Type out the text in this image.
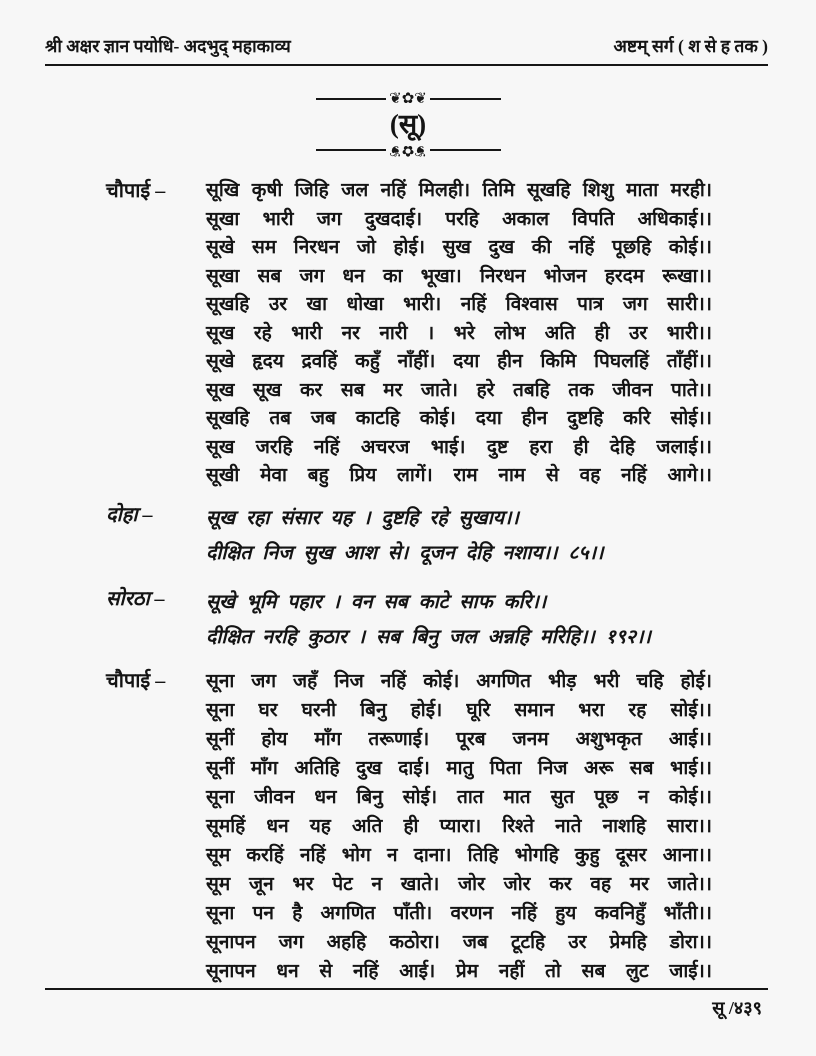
श्री अक्षर ज्ञान पयोधि- अदभुद् महाकाव्य	अष्टम् सर्ग ( श से ह तक )
❦✿❦
(सू)
❦✿❦
चौपाई –	सूखि कृषी जिहि जल नहिं मिलही। तिमि सूखहि शिशु माता मरही।
सूखा भारी जग दुखदाई। परहि अकाल विपति अधिकाई।।
सूखे सम निरधन जो होई। सुख दुख की नहिं पूछहि कोई।।
सूखा सब जग धन का भूखा। निरधन भोजन हरदम रूखा।।
सूखहि उर खा धोखा भारी। नहिं विश्वास पात्र जग सारी।।
सूख रहे भारी नर नारी । भरे लोभ अति ही उर भारी।।
सूखे हृदय द्रवहिं कहुँ नाँहीं। दया हीन किमि पिघलहिं ताँहीं।।
सूख सूख कर सब मर जाते। हरे तबहि तक जीवन पाते।।
सूखहि तब जब काटहि कोई। दया हीन दुष्टहि करि सोई।।
सूख जरहि नहिं अचरज भाई। दुष्ट हरा ही देहि जलाई।।
सूखी मेवा बहु प्रिय लागें। राम नाम से वह नहिं आगे।।
दोहा –	सूख रहा संसार यह । दुष्टहि रहे सुखाय।।
दीक्षित निज सुख आश से। दूजन देहि नशाय।। ८५।।
सोरठा –	सूखे भूमि पहार । वन सब काटे साफ करि।।
दीक्षित नरहि कुठार । सब बिनु जल अन्नहि मरिहि।। १९२।।
चौपाई –	सूना जग जहँ निज नहिं कोई। अगणित भीड़ भरी चहि होई।
सूना घर घरनी बिनु होई। घूरि समान भरा रह सोई।।
सूनीं होय माँग तरूणाई। पूरब जनम अशुभकृत आई।।
सूनीं माँग अतिहि दुख दाई। मातु पिता निज अरू सब भाई।।
सूना जीवन धन बिनु सोई। तात मात सुत पूछ न कोई।।
सूमहिं धन यह अति ही प्यारा। रिश्ते नाते नाशहि सारा।।
सूम करहिं नहिं भोग न दाना। तिहि भोगहि कुहु दूसर आना।।
सूम जून भर पेट न खाते। जोर जोर कर वह मर जाते।।
सूना पन है अगणित पाँती। वरणन नहिं हुय कवनिहुँ भाँती।।
सूनापन जग अहहि कठोरा। जब टूटहि उर प्रेमहि डोरा।।
सूनापन धन से नहिं आई। प्रेम नहीं तो सब लुट जाई।।
सू /४३९
